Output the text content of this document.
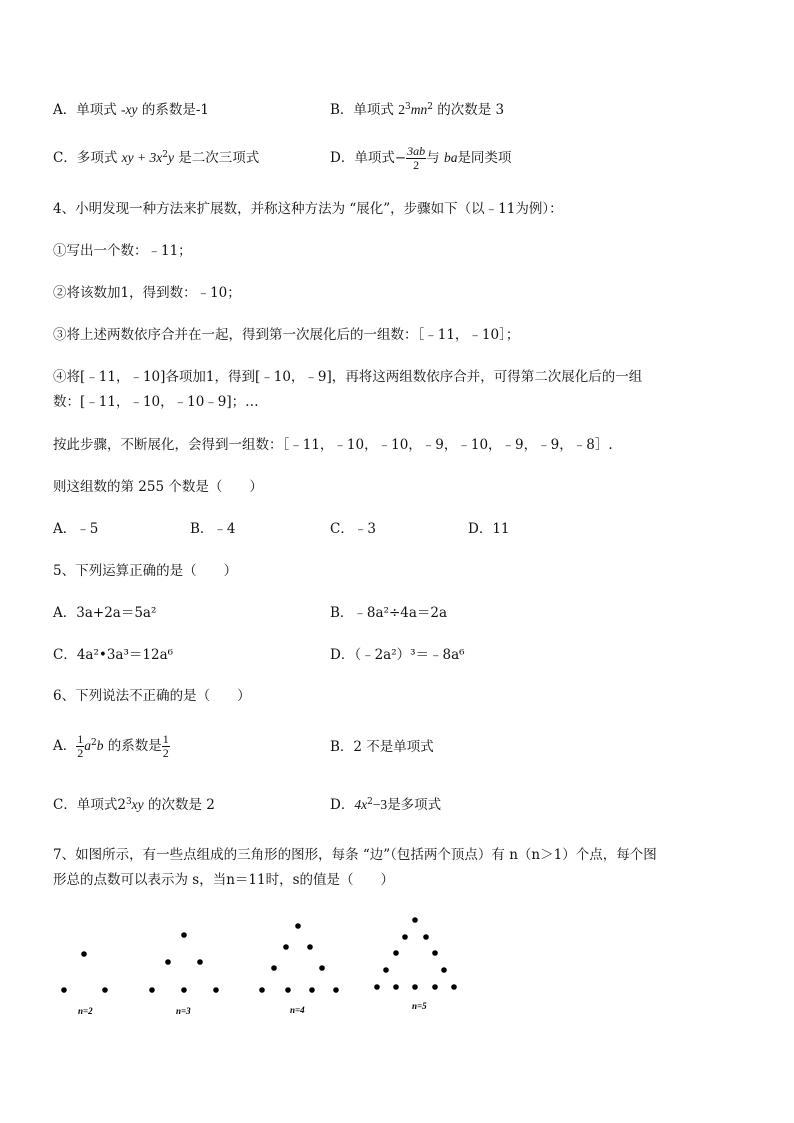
A．单项式 -xy 的系数是-1	B．单项式 $2^3mn^2$ 的次数是 3
C．多项式 xy + $3x^2y$ 是二次三项式	D．单项式− $\frac{3ab}{2}$ 与 ba是同类项
4、小明发现一种方法来扩展数，并称这种方法为 “展化”，步骤如下（以﹣11为例）：
①写出一个数：﹣11；
②将该数加1，得到数：﹣10；
③将上述两数依序合并在一起，得到第一次展化后的一组数：［﹣11，﹣10］；
④将[﹣11，﹣10]各项加1，得到[﹣10，﹣9]，再将这两组数依序合并，可得第二次展化后的一组
数：[﹣11，﹣10，﹣10﹣9]；…
按此步骤，不断展化，会得到一组数：［﹣11，﹣10，﹣10，﹣9，﹣10，﹣9，﹣9，﹣8］.
则这组数的第 255 个数是（　　）
A．﹣5	B．﹣4	C．﹣3	D．11
5、下列运算正确的是（　　）
A．3a+2a＝5a²	B．﹣8a²÷4a＝2a
C．4a²•3a³＝12a⁶	D．（﹣2a²）³＝﹣8a⁶
6、下列说法不正确的是（　　）
A． $\frac{1}{2} a^2b$ 的系数是 $\frac{1}{2}$	B．2 不是单项式
C．单项式$2^3xy$ 的次数是 2	D．$4x^2-3$是多项式
7、如图所示，有一些点组成的三角形的图形，每条 “边”（包括两个顶点）有 n（n＞1）个点，每个图
形总的点数可以表示为 s，当n＝11时，s的值是（　　）
n=2	n=3	n=4	n=5
